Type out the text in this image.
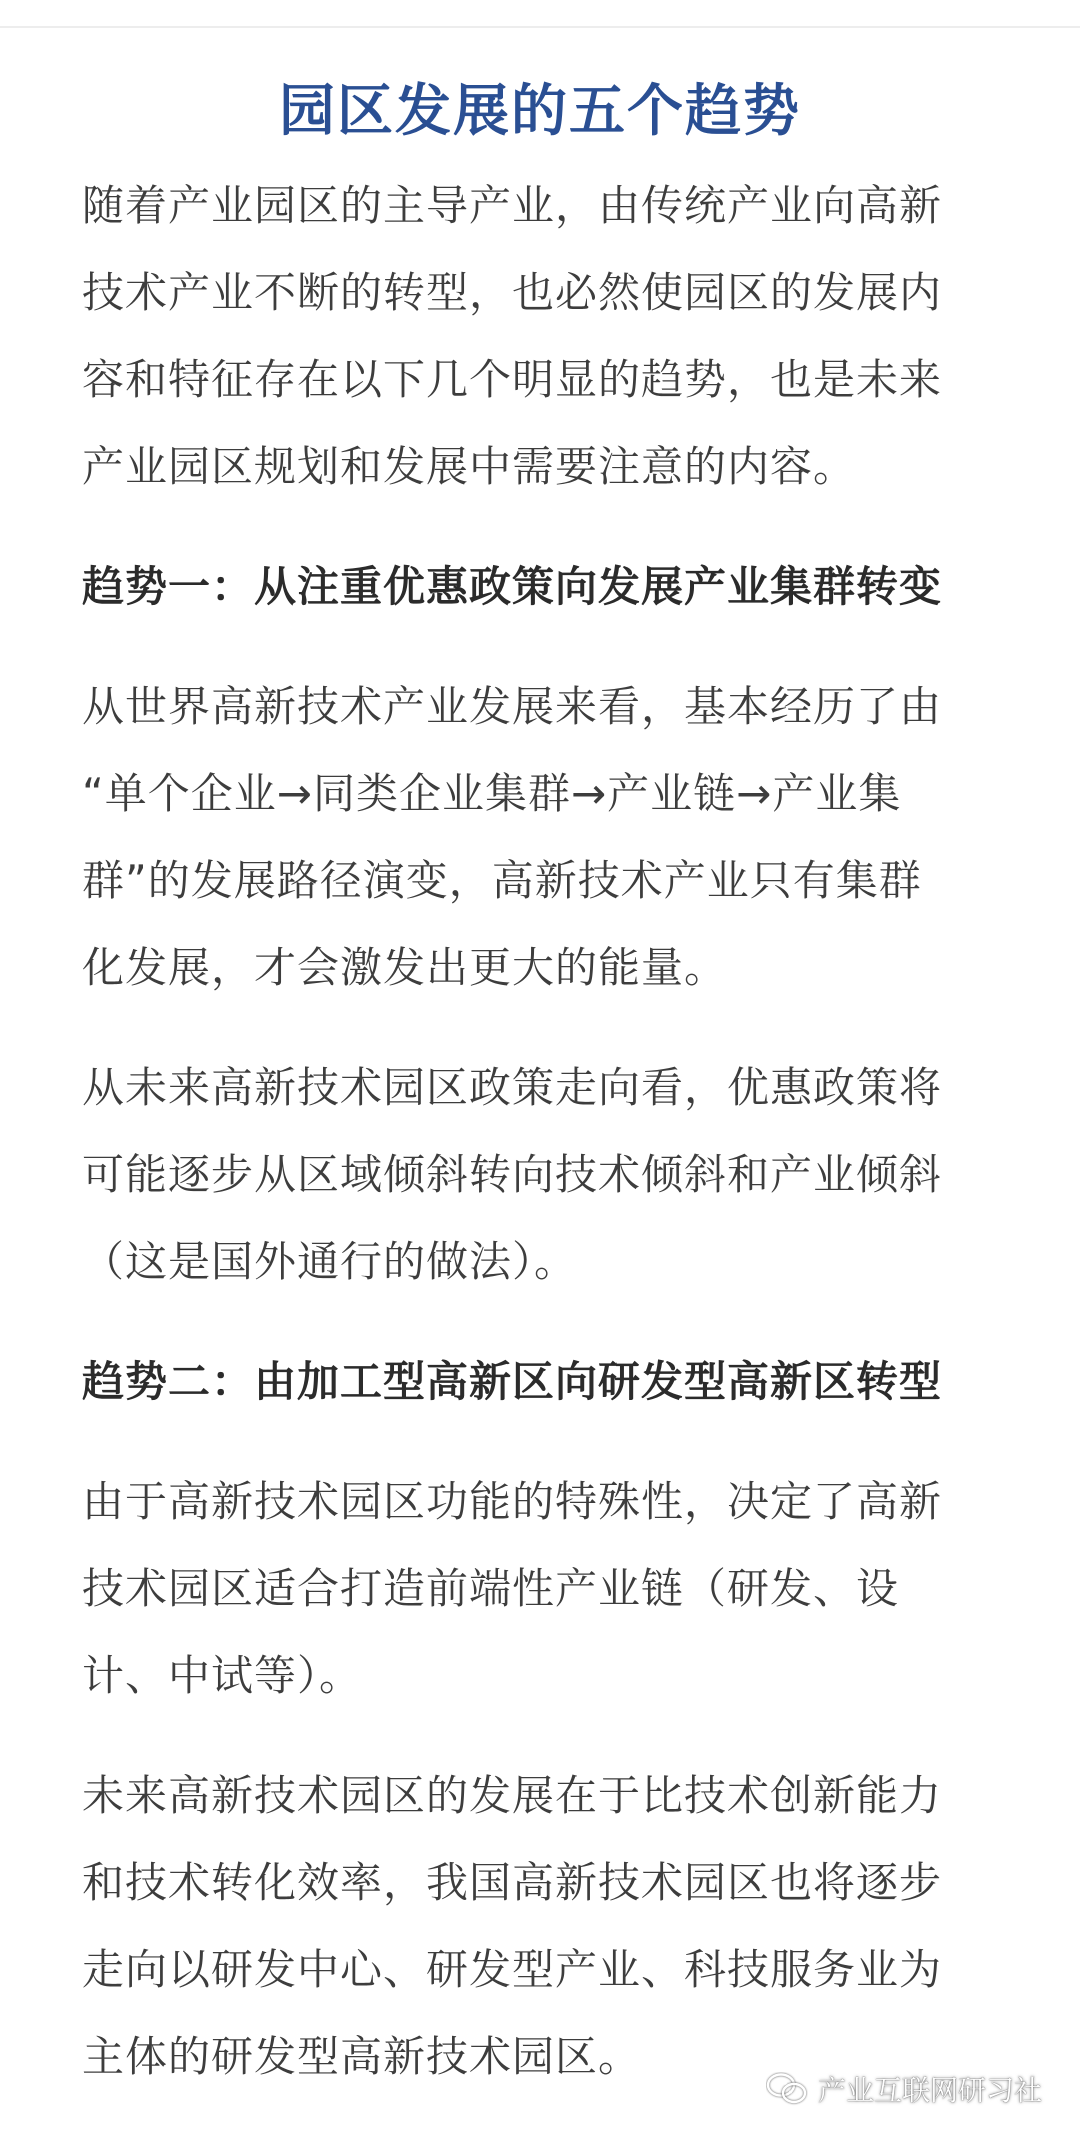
园区发展的五个趋势

随着产业园区的主导产业，由传统产业向高新
技术产业不断的转型，也必然使园区的发展内
容和特征存在以下几个明显的趋势，也是未来
产业园区规划和发展中需要注意的内容。

趋势一：从注重优惠政策向发展产业集群转变

从世界高新技术产业发展来看，基本经历了由
“单个企业→同类企业集群→产业链→产业集
群”的发展路径演变，高新技术产业只有集群
化发展，才会激发出更大的能量。

从未来高新技术园区政策走向看，优惠政策将
可能逐步从区域倾斜转向技术倾斜和产业倾斜
（这是国外通行的做法）。

趋势二：由加工型高新区向研发型高新区转型

由于高新技术园区功能的特殊性，决定了高新
技术园区适合打造前端性产业链（研发、设
计、中试等）。

未来高新技术园区的发展在于比技术创新能力
和技术转化效率，我国高新技术园区也将逐步
走向以研发中心、研发型产业、科技服务业为
主体的研发型高新技术园区。

产业互联网研习社
